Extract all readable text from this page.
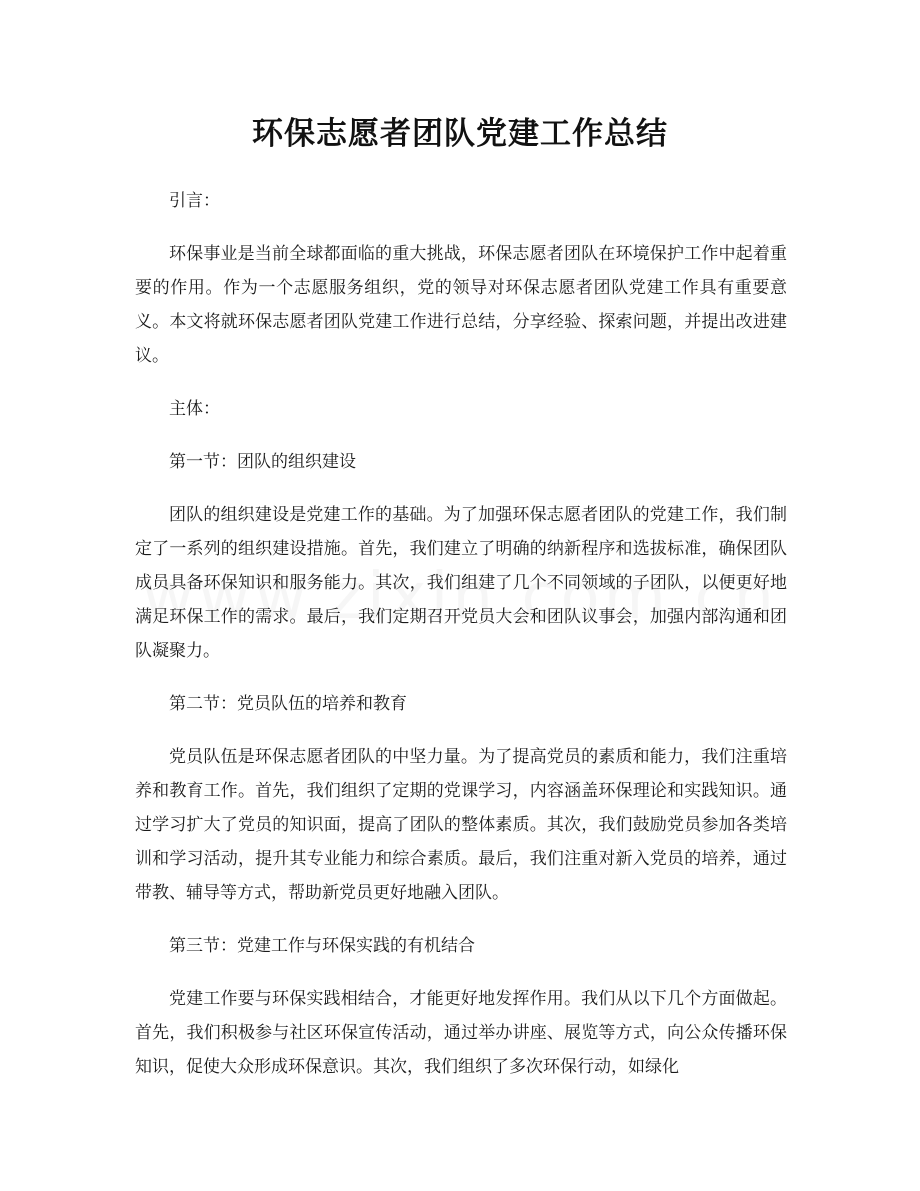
环保志愿者团队党建工作总结

引言：

环保事业是当前全球都面临的重大挑战，环保志愿者团队在环境保护工作中起着重要的作用。作为一个志愿服务组织，党的领导对环保志愿者团队党建工作具有重要意义。本文将就环保志愿者团队党建工作进行总结，分享经验、探索问题，并提出改进建议。

主体：

第一节：团队的组织建设

团队的组织建设是党建工作的基础。为了加强环保志愿者团队的党建工作，我们制定了一系列的组织建设措施。首先，我们建立了明确的纳新程序和选拔标准，确保团队成员具备环保知识和服务能力。其次，我们组建了几个不同领域的子团队，以便更好地满足环保工作的需求。最后，我们定期召开党员大会和团队议事会，加强内部沟通和团队凝聚力。

第二节：党员队伍的培养和教育

党员队伍是环保志愿者团队的中坚力量。为了提高党员的素质和能力，我们注重培养和教育工作。首先，我们组织了定期的党课学习，内容涵盖环保理论和实践知识。通过学习扩大了党员的知识面，提高了团队的整体素质。其次，我们鼓励党员参加各类培训和学习活动，提升其专业能力和综合素质。最后，我们注重对新入党员的培养，通过带教、辅导等方式，帮助新党员更好地融入团队。

第三节：党建工作与环保实践的有机结合

党建工作要与环保实践相结合，才能更好地发挥作用。我们从以下几个方面做起。首先，我们积极参与社区环保宣传活动，通过举办讲座、展览等方式，向公众传播环保知识，促使大众形成环保意识。其次，我们组织了多次环保行动，如绿化
